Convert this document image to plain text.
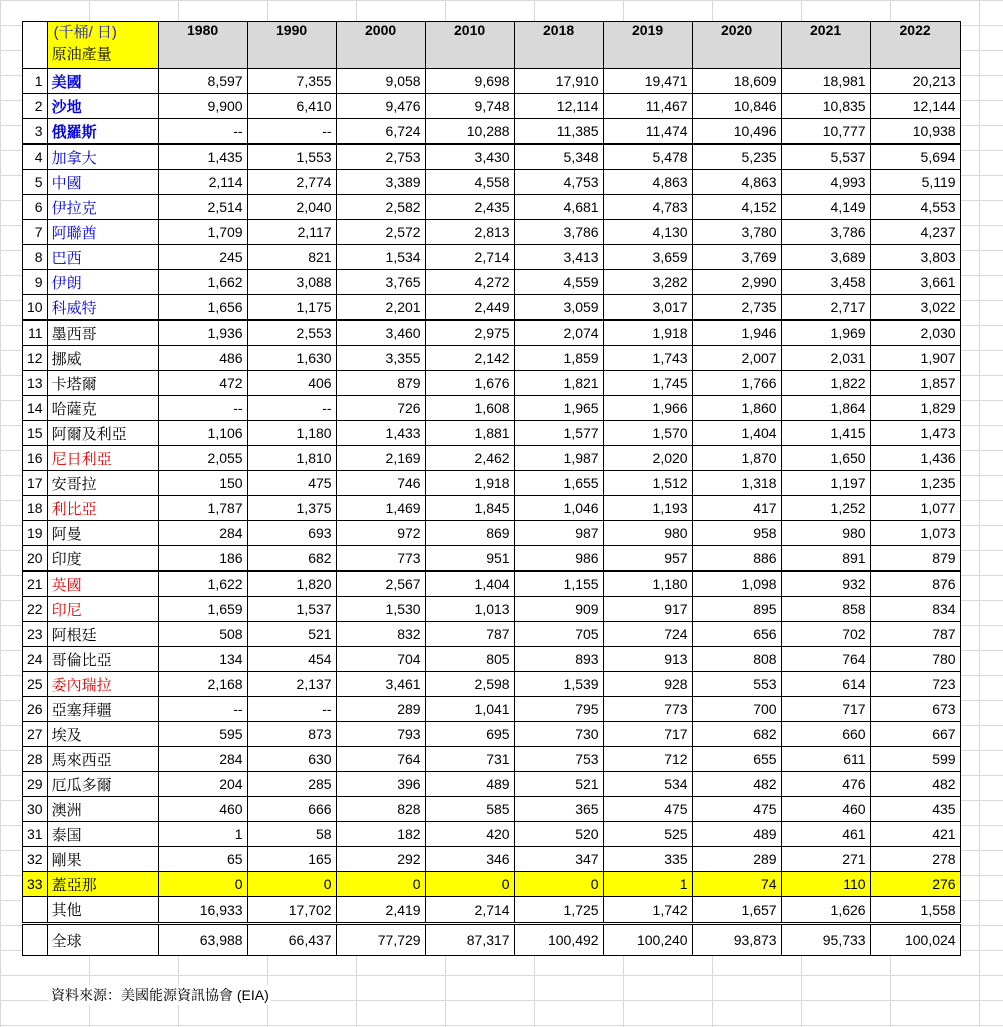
	(千桶/ 日)
原油產量	1980	1990	2000	2010	2018	2019	2020	2021	2022
1	美國	8,597	7,355	9,058	9,698	17,910	19,471	18,609	18,981	20,213
2	沙地	9,900	6,410	9,476	9,748	12,114	11,467	10,846	10,835	12,144
3	俄羅斯	--	--	6,724	10,288	11,385	11,474	10,496	10,777	10,938
4	加拿大	1,435	1,553	2,753	3,430	5,348	5,478	5,235	5,537	5,694
5	中國	2,114	2,774	3,389	4,558	4,753	4,863	4,863	4,993	5,119
6	伊拉克	2,514	2,040	2,582	2,435	4,681	4,783	4,152	4,149	4,553
7	阿聯酋	1,709	2,117	2,572	2,813	3,786	4,130	3,780	3,786	4,237
8	巴西	245	821	1,534	2,714	3,413	3,659	3,769	3,689	3,803
9	伊朗	1,662	3,088	3,765	4,272	4,559	3,282	2,990	3,458	3,661
10	科威特	1,656	1,175	2,201	2,449	3,059	3,017	2,735	2,717	3,022
11	墨西哥	1,936	2,553	3,460	2,975	2,074	1,918	1,946	1,969	2,030
12	挪威	486	1,630	3,355	2,142	1,859	1,743	2,007	2,031	1,907
13	卡塔爾	472	406	879	1,676	1,821	1,745	1,766	1,822	1,857
14	哈薩克	--	--	726	1,608	1,965	1,966	1,860	1,864	1,829
15	阿爾及利亞	1,106	1,180	1,433	1,881	1,577	1,570	1,404	1,415	1,473
16	尼日利亞	2,055	1,810	2,169	2,462	1,987	2,020	1,870	1,650	1,436
17	安哥拉	150	475	746	1,918	1,655	1,512	1,318	1,197	1,235
18	利比亞	1,787	1,375	1,469	1,845	1,046	1,193	417	1,252	1,077
19	阿曼	284	693	972	869	987	980	958	980	1,073
20	印度	186	682	773	951	986	957	886	891	879
21	英國	1,622	1,820	2,567	1,404	1,155	1,180	1,098	932	876
22	印尼	1,659	1,537	1,530	1,013	909	917	895	858	834
23	阿根廷	508	521	832	787	705	724	656	702	787
24	哥倫比亞	134	454	704	805	893	913	808	764	780
25	委內瑞拉	2,168	2,137	3,461	2,598	1,539	928	553	614	723
26	亞塞拜疆	--	--	289	1,041	795	773	700	717	673
27	埃及	595	873	793	695	730	717	682	660	667
28	馬來西亞	284	630	764	731	753	712	655	611	599
29	厄瓜多爾	204	285	396	489	521	534	482	476	482
30	澳洲	460	666	828	585	365	475	475	460	435
31	泰国	1	58	182	420	520	525	489	461	421
32	剛果	65	165	292	346	347	335	289	271	278
33	蓋亞那	0	0	0	0	0	1	74	110	276
	其他	16,933	17,702	2,419	2,714	1,725	1,742	1,657	1,626	1,558
	全球	63,988	66,437	77,729	87,317	100,492	100,240	93,873	95,733	100,024
資料來源：美國能源資訊協會 (EIA)
